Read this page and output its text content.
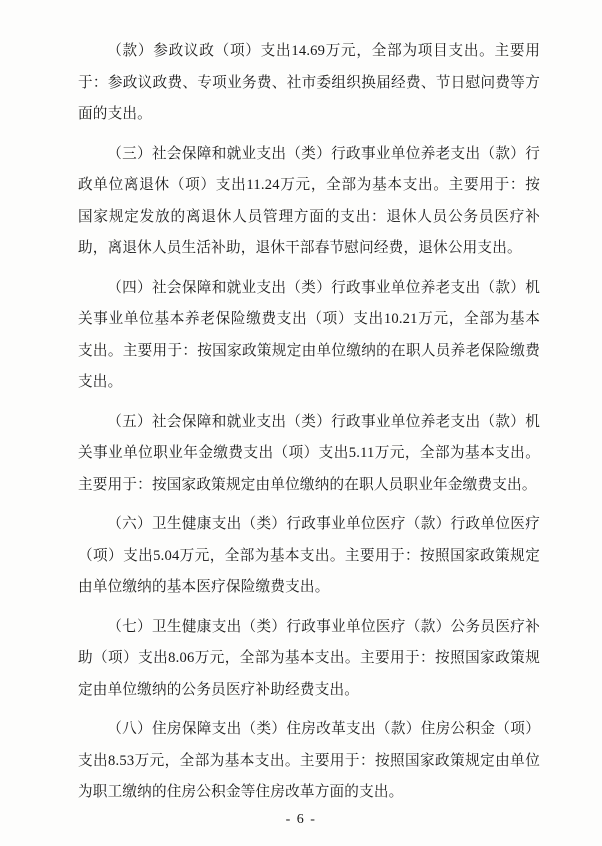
（款）参政议政（项）支出14.69万元，全部为项目支出。主要用于：参政议政费、专项业务费、社市委组织换届经费、节日慰问费等方面的支出。

（三）社会保障和就业支出（类）行政事业单位养老支出（款）行政单位离退休（项）支出11.24万元，全部为基本支出。主要用于：按国家规定发放的离退休人员管理方面的支出：退休人员公务员医疗补助，离退休人员生活补助，退休干部春节慰问经费，退休公用支出。

（四）社会保障和就业支出（类）行政事业单位养老支出（款）机关事业单位基本养老保险缴费支出（项）支出10.21万元，全部为基本支出。主要用于：按国家政策规定由单位缴纳的在职人员养老保险缴费支出。

（五）社会保障和就业支出（类）行政事业单位养老支出（款）机关事业单位职业年金缴费支出（项）支出5.11万元，全部为基本支出。主要用于：按国家政策规定由单位缴纳的在职人员职业年金缴费支出。

（六）卫生健康支出（类）行政事业单位医疗（款）行政单位医疗（项）支出5.04万元，全部为基本支出。主要用于：按照国家政策规定由单位缴纳的基本医疗保险缴费支出。

（七）卫生健康支出（类）行政事业单位医疗（款）公务员医疗补助（项）支出8.06万元，全部为基本支出。主要用于：按照国家政策规定由单位缴纳的公务员医疗补助经费支出。

（八）住房保障支出（类）住房改革支出（款）住房公积金（项）支出8.53万元，全部为基本支出。主要用于：按照国家政策规定由单位为职工缴纳的住房公积金等住房改革方面的支出。

- 6 -
